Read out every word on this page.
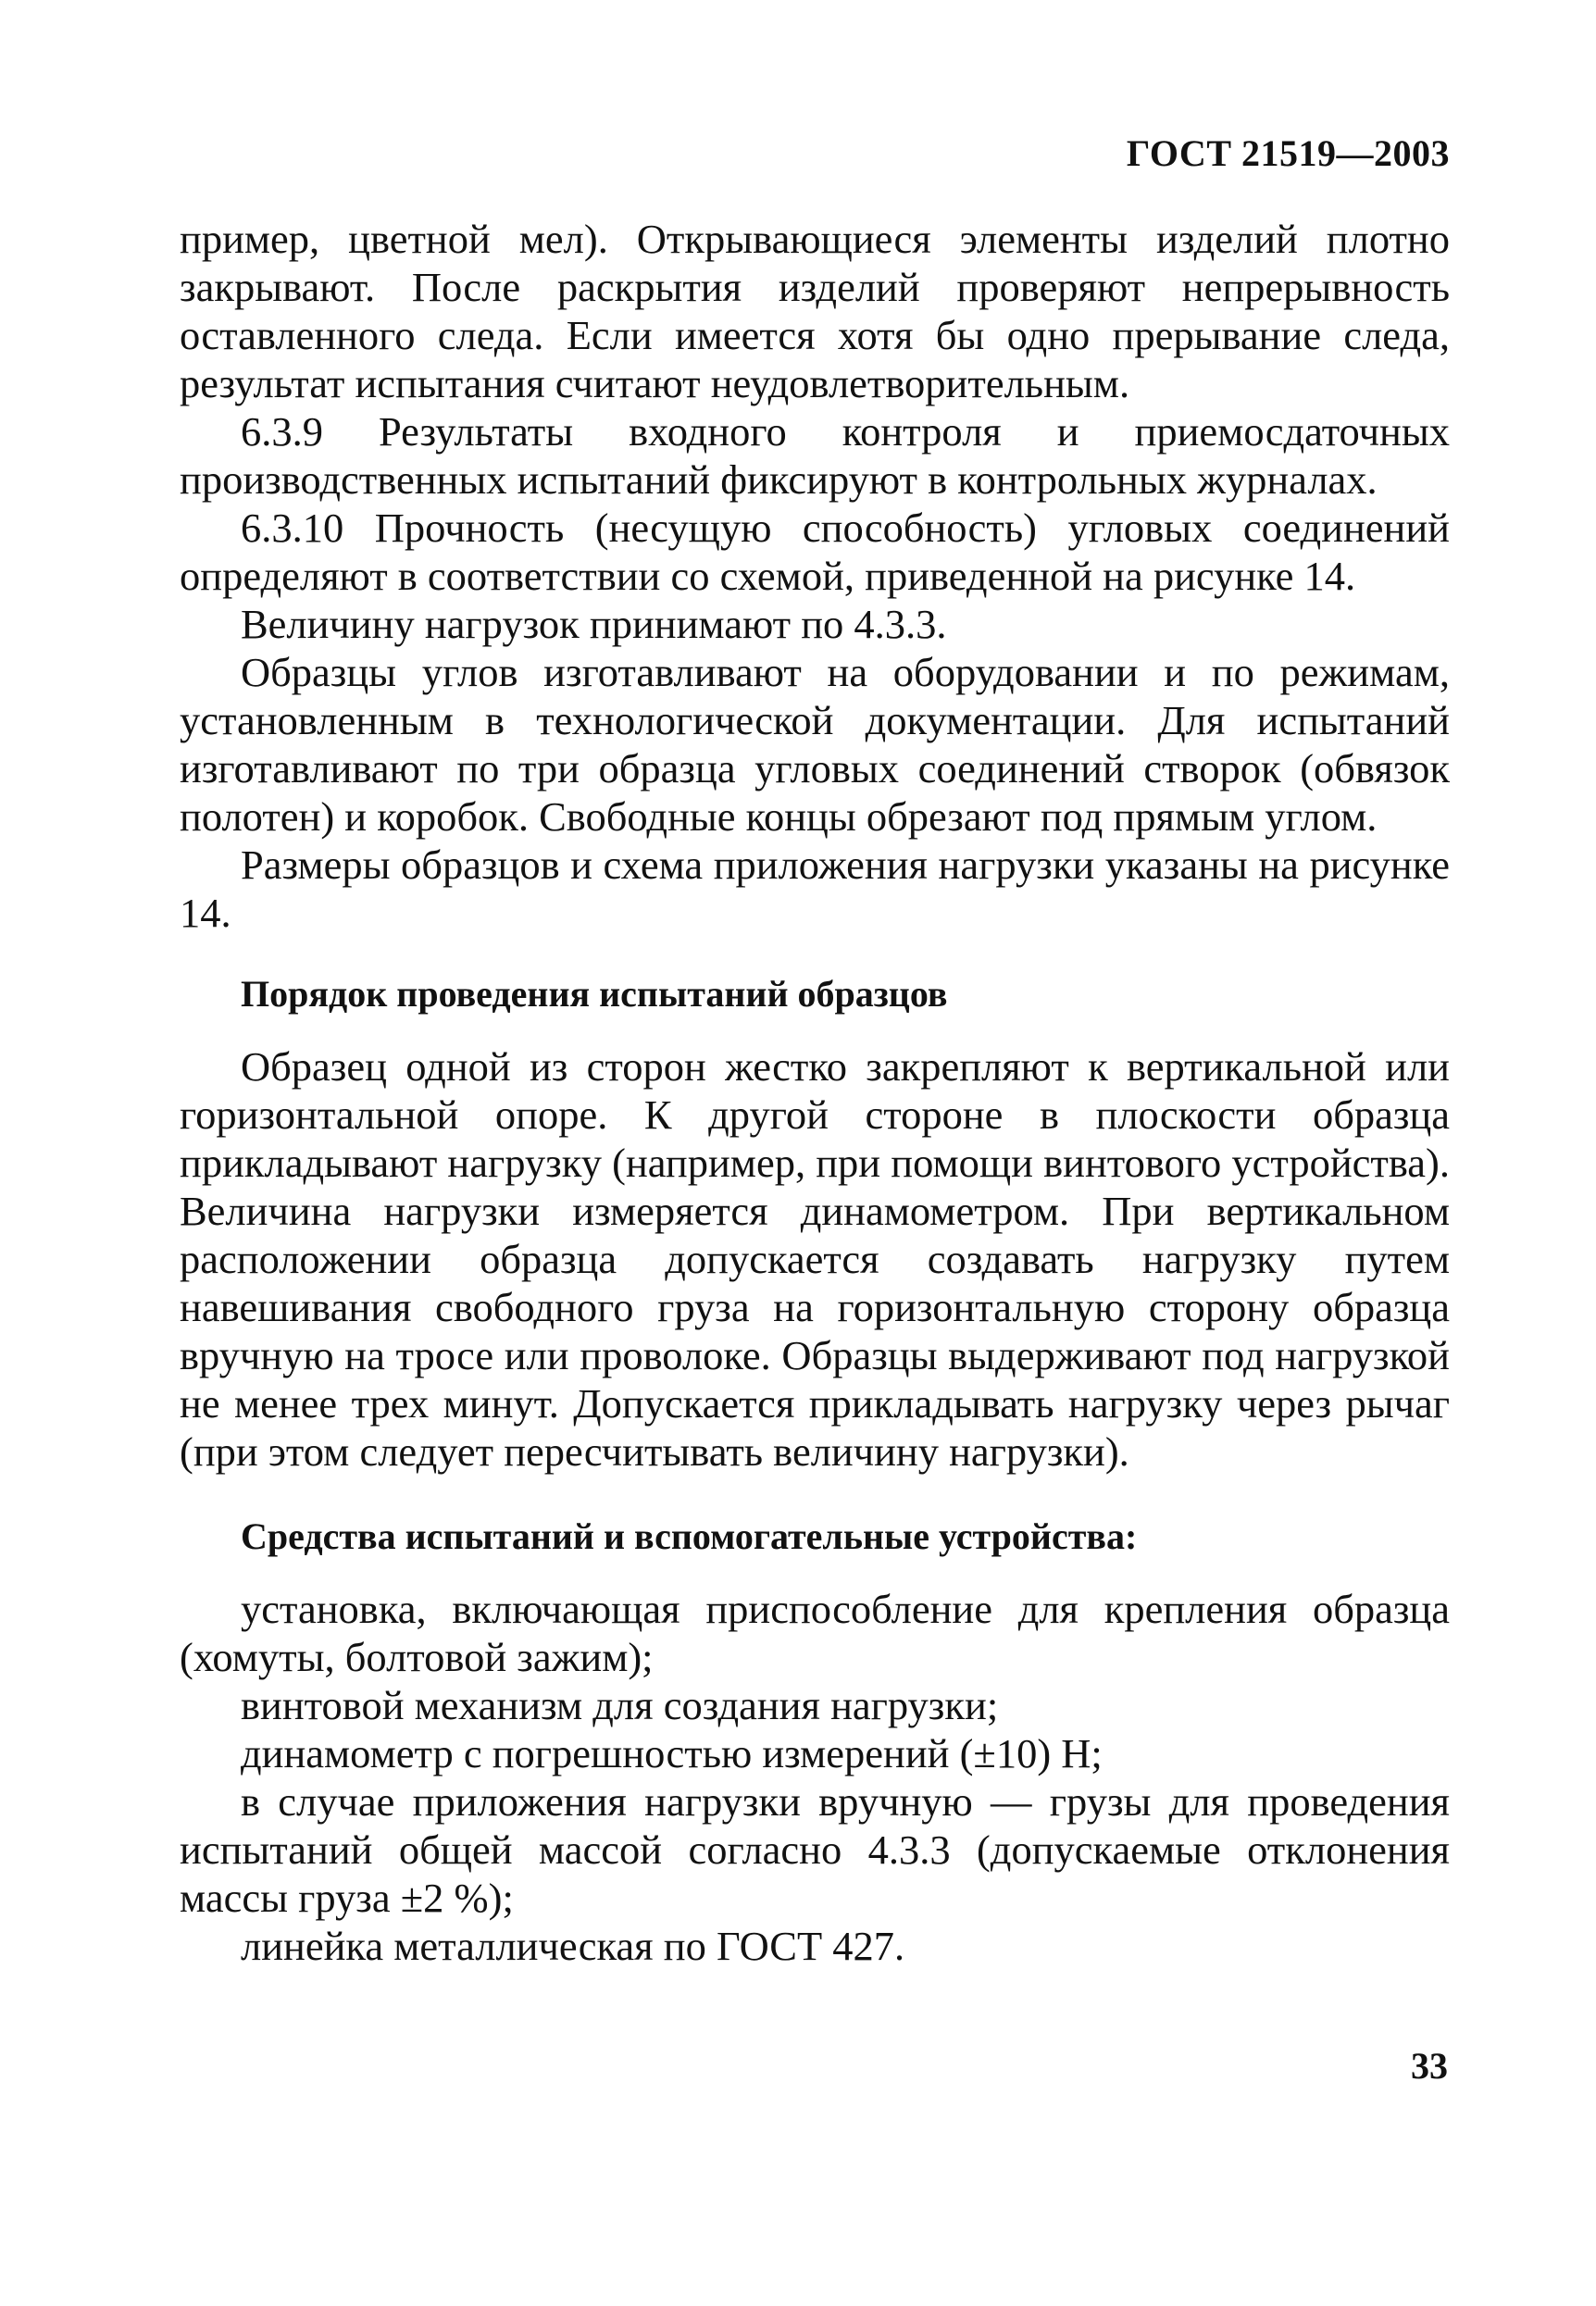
ГОСТ 21519—2003

пример, цветной мел). Открывающиеся элементы изделий плотно закрывают. После раскрытия изделий проверяют непрерывность оставленного следа. Если имеется хотя бы одно прерывание следа, результат испытания считают неудовлетворительным.

6.3.9 Результаты входного контроля и приемосдаточных производственных испытаний фиксируют в контрольных журналах.

6.3.10 Прочность (несущую способность) угловых соединений определяют в соответствии со схемой, приведенной на рисунке 14.

Величину нагрузок принимают по 4.3.3.

Образцы углов изготавливают на оборудовании и по режимам, установленным в технологической документации. Для испытаний изготавливают по три образца угловых соединений створок (обвязок полотен) и коробок. Свободные концы обрезают под прямым углом.

Размеры образцов и схема приложения нагрузки указаны на рисунке 14.

Порядок проведения испытаний образцов

Образец одной из сторон жестко закрепляют к вертикальной или горизонтальной опоре. К другой стороне в плоскости образца прикладывают нагрузку (например, при помощи винтового устройства). Величина нагрузки измеряется динамометром. При вертикальном расположении образца допускается создавать нагрузку путем навешивания свободного груза на горизонтальную сторону образца вручную на тросе или проволоке. Образцы выдерживают под нагрузкой не менее трех минут. Допускается прикладывать нагрузку через рычаг (при этом следует пересчитывать величину нагрузки).

Средства испытаний и вспомогательные устройства:

установка, включающая приспособление для крепления образца (хомуты, болтовой зажим);

винтовой механизм для создания нагрузки;

динамометр с погрешностью измерений (±10) Н;

в случае приложения нагрузки вручную — грузы для проведения испытаний общей массой согласно 4.3.3 (допускаемые отклонения массы груза ±2 %);

линейка металлическая по ГОСТ 427.

33
